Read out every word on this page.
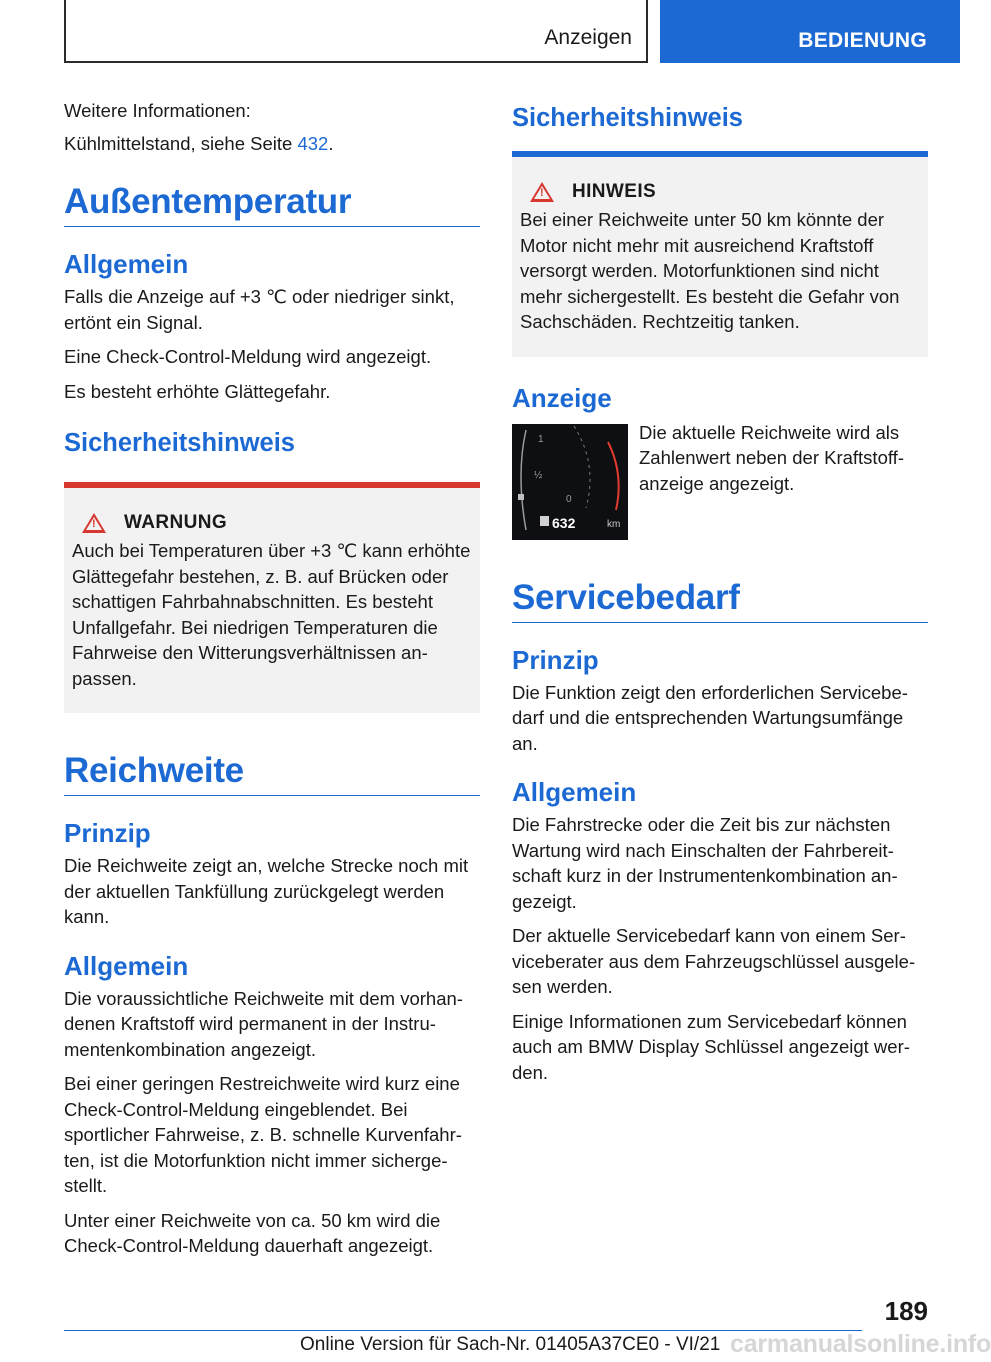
Anzeigen	BEDIENUNG

Weitere Informationen:

Kühlmittelstand, siehe Seite 432.

Außentemperatur
Allgemein

Falls die Anzeige auf +3 ℃ oder niedriger sinkt, ertönt ein Signal.

Eine Check-Control-Meldung wird angezeigt.

Es besteht erhöhte Glättegefahr.

Sicherheitshinweis
!
WARNUNG

Auch bei Temperaturen über +3 ℃ kann erhöhte Glättegefahr bestehen, z. B. auf Brücken oder schattigen Fahrbahnabschnitten. Es besteht Unfallgefahr. Bei niedrigen Temperaturen die Fahrweise den Witterungsverhältnissen anpassen.

Reichweite
Prinzip

Die Reichweite zeigt an, welche Strecke noch mit der aktuellen Tankfüllung zurückgelegt werden kann.

Allgemein

Die voraussichtliche Reichweite mit dem vorhandenen Kraftstoff wird permanent in der Instrumentenkombination angezeigt.

Bei einer geringen Restreichweite wird kurz eine Check-Control-Meldung eingeblendet. Bei sportlicher Fahrweise, z. B. schnelle Kurvenfahrten, ist die Motorfunktion nicht immer sichergestellt.

Unter einer Reichweite von ca. 50 km wird die Check-Control-Meldung dauerhaft angezeigt.

Sicherheitshinweis
!
HINWEIS

Bei einer Reichweite unter 50 km könnte der Motor nicht mehr mit ausreichend Kraftstoff versorgt werden. Motorfunktionen sind nicht mehr sichergestellt. Es besteht die Gefahr von Sachschäden. Rechtzeitig tanken.

Anzeige
1
½
0
632	km

Die aktuelle Reichweite wird als Zahlenwert neben der Kraftstoffanzeige angezeigt.

Servicebedarf
Prinzip

Die Funktion zeigt den erforderlichen Servicebedarf und die entsprechenden Wartungsumfänge an.

Allgemein

Die Fahrstrecke oder die Zeit bis zur nächsten Wartung wird nach Einschalten der Fahrbereitschaft kurz in der Instrumentenkombination angezeigt.

Der aktuelle Servicebedarf kann von einem Serviceberater aus dem Fahrzeugschlüssel ausgelesen werden.

Einige Informationen zum Servicebedarf können auch am BMW Display Schlüssel angezeigt werden.

189
Online Version für Sach-Nr. 01405A37CE0 - VI/21 carmanualsonline.info
